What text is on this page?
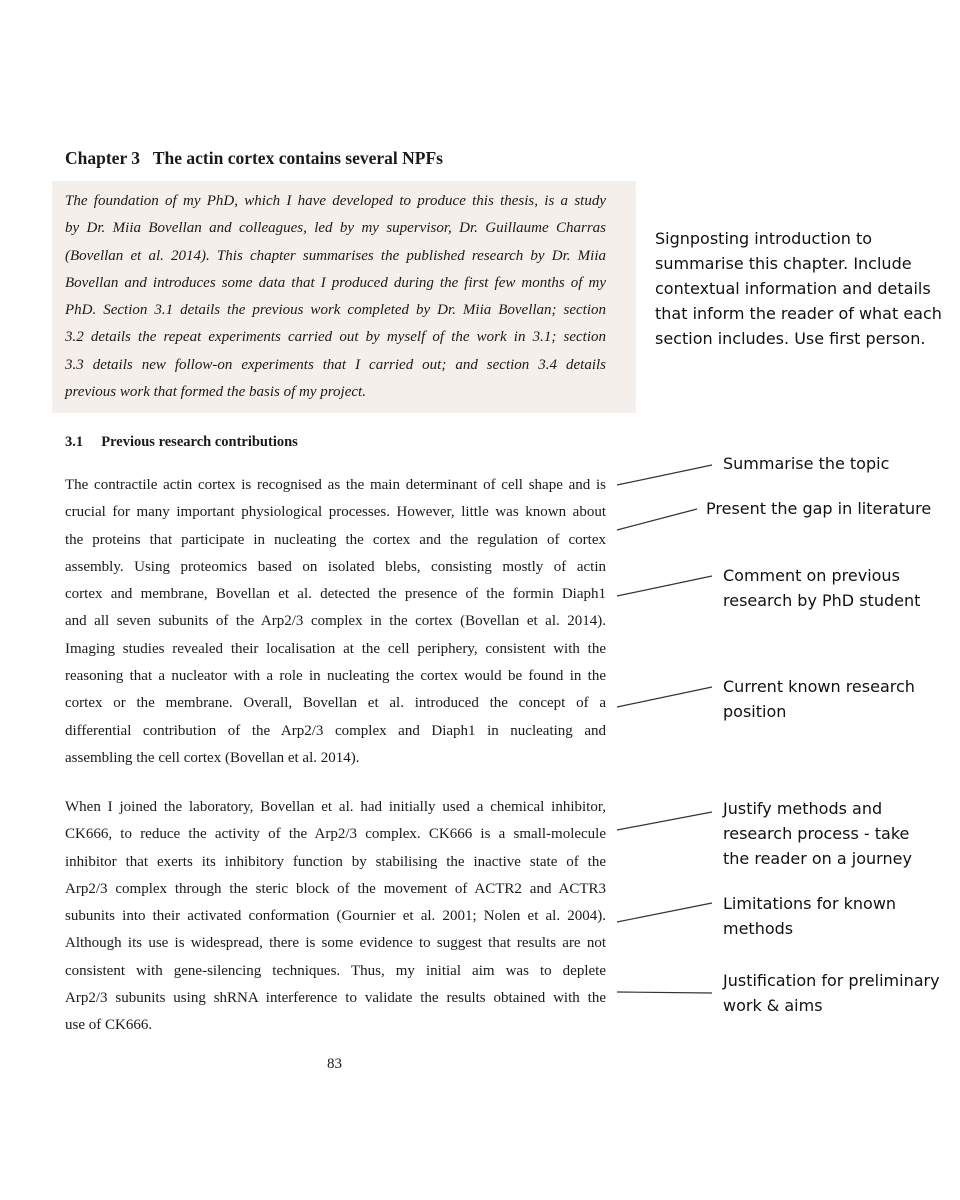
Chapter 3   The actin cortex contains several NPFs
The foundation of my PhD, which I have developed to produce this thesis, is a study
by Dr. Miia Bovellan and colleagues, led by my supervisor, Dr. Guillaume Charras
(Bovellan et al. 2014). This chapter summarises the published research by Dr. Miia
Bovellan and introduces some data that I produced during the first few months of my
PhD. Section 3.1 details the previous work completed by Dr. Miia Bovellan; section
3.2 details the repeat experiments carried out by myself of the work in 3.1; section
3.3 details new follow-on experiments that I carried out; and section 3.4 details
previous work that formed the basis of my project.
3.1     Previous research contributions
The contractile actin cortex is recognised as the main determinant of cell shape and is
crucial for many important physiological processes. However, little was known about
the proteins that participate in nucleating the cortex and the regulation of cortex
assembly. Using proteomics based on isolated blebs, consisting mostly of actin
cortex and membrane, Bovellan et al. detected the presence of the formin Diaph1
and all seven subunits of the Arp2/3 complex in the cortex (Bovellan et al. 2014).
Imaging studies revealed their localisation at the cell periphery, consistent with the
reasoning that a nucleator with a role in nucleating the cortex would be found in the
cortex or the membrane. Overall, Bovellan et al. introduced the concept of a
differential contribution of the Arp2/3 complex and Diaph1 in nucleating and
assembling the cell cortex (Bovellan et al. 2014).
When I joined the laboratory, Bovellan et al. had initially used a chemical inhibitor,
CK666, to reduce the activity of the Arp2/3 complex. CK666 is a small-molecule
inhibitor that exerts its inhibitory function by stabilising the inactive state of the
Arp2/3 complex through the steric block of the movement of ACTR2 and ACTR3
subunits into their activated conformation (Gournier et al. 2001; Nolen et al. 2004).
Although its use is widespread, there is some evidence to suggest that results are not
consistent with gene-silencing techniques. Thus, my initial aim was to deplete
Arp2/3 subunits using shRNA interference to validate the results obtained with the
use of CK666.
83
Signposting introduction to summarise this chapter. Include contextual information and details that inform the reader of what each section includes. Use first person.
Summarise the topic
Present the gap in literature
Comment on previous research by PhD student
Current known research position
Justify methods and research process - take the reader on a journey
Limitations for known methods
Justification for preliminary work & aims
